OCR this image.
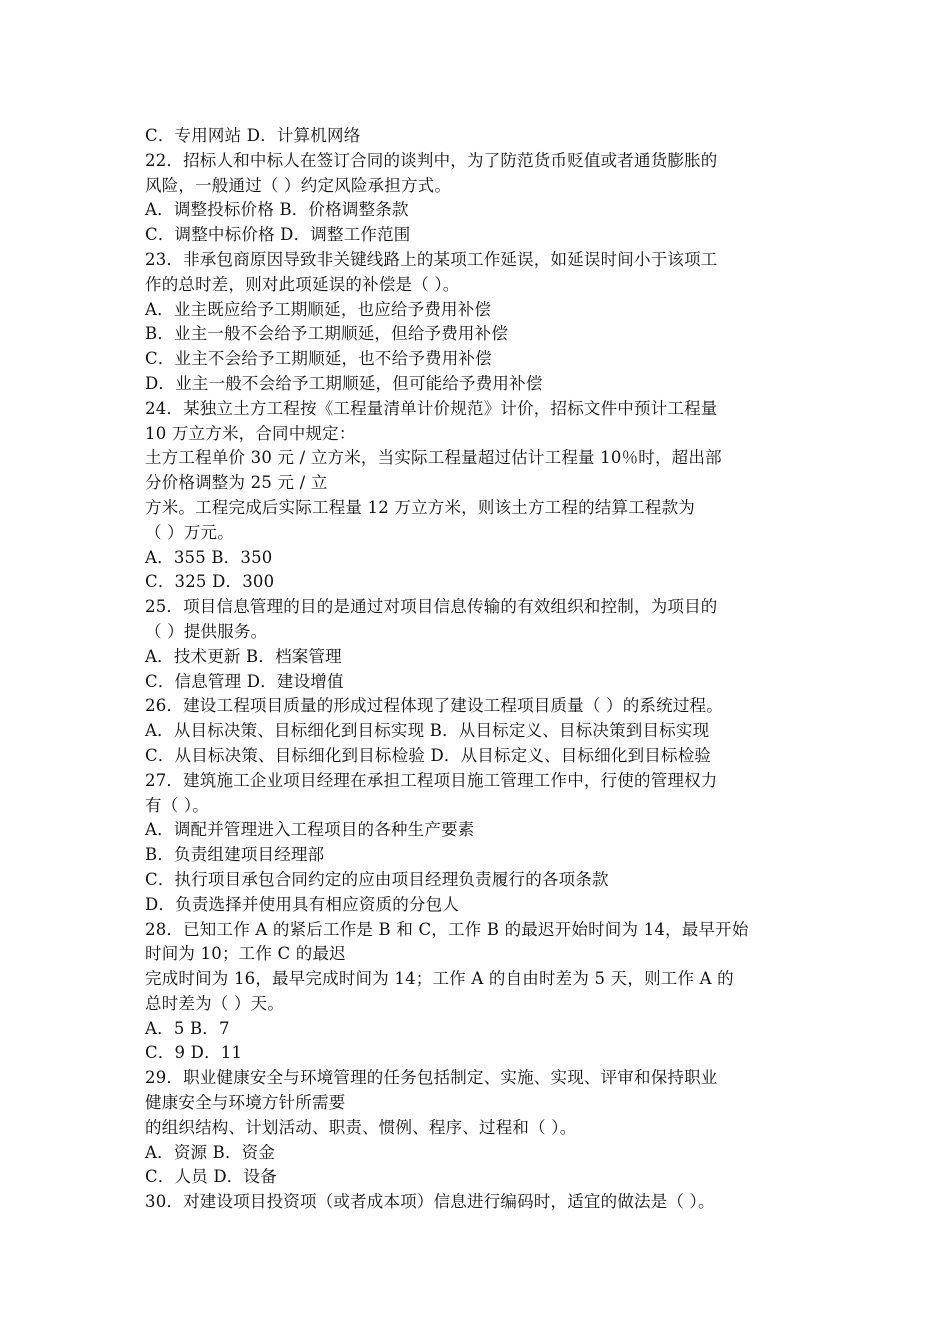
C．专用网站 D．计算机网络
22．招标人和中标人在签订合同的谈判中，为了防范货币贬值或者通货膨胀的
风险，一般通过（ ）约定风险承担方式。
A．调整投标价格 B．价格调整条款
C．调整中标价格 D．调整工作范围
23．非承包商原因导致非关键线路上的某项工作延误，如延误时间小于该项工
作的总时差，则对此项延误的补偿是（ ）。
A．业主既应给予工期顺延，也应给予费用补偿
B．业主一般不会给予工期顺延，但给予费用补偿
C．业主不会给予工期顺延，也不给予费用补偿
D．业主一般不会给予工期顺延，但可能给予费用补偿
24．某独立土方工程按《工程量清单计价规范》计价，招标文件中预计工程量
10 万立方米，合同中规定：
土方工程单价 30 元 / 立方米，当实际工程量超过估计工程量 10％时，超出部
分价格调整为 25 元 / 立
方米。工程完成后实际工程量 12 万立方米，则该土方工程的结算工程款为
（ ）万元。
A．355 B．350
C．325 D．300
25．项目信息管理的目的是通过对项目信息传输的有效组织和控制，为项目的
（ ）提供服务。
A．技术更新 B．档案管理
C．信息管理 D．建设增值
26．建设工程项目质量的形成过程体现了建设工程项目质量（ ）的系统过程。
A．从目标决策、目标细化到目标实现 B．从目标定义、目标决策到目标实现
C．从目标决策、目标细化到目标检验 D．从目标定义、目标细化到目标检验
27．建筑施工企业项目经理在承担工程项目施工管理工作中，行使的管理权力
有（ ）。
A．调配并管理进入工程项目的各种生产要素
B．负责组建项目经理部
C．执行项目承包合同约定的应由项目经理负责履行的各项条款
D．负责选择并使用具有相应资质的分包人
28．已知工作 A 的紧后工作是 B 和 C，工作 B 的最迟开始时间为 14，最早开始
时间为 10；工作 C 的最迟
完成时间为 16，最早完成时间为 14；工作 A 的自由时差为 5 天，则工作 A 的
总时差为（ ）天。
A．5 B．7
C．9 D．11
29．职业健康安全与环境管理的任务包括制定、实施、实现、评审和保持职业
健康安全与环境方针所需要
的组织结构、计划活动、职责、惯例、程序、过程和（ ）。
A．资源 B．资金
C．人员 D．设备
30．对建设项目投资项（或者成本项）信息进行编码时，适宜的做法是（ ）。
